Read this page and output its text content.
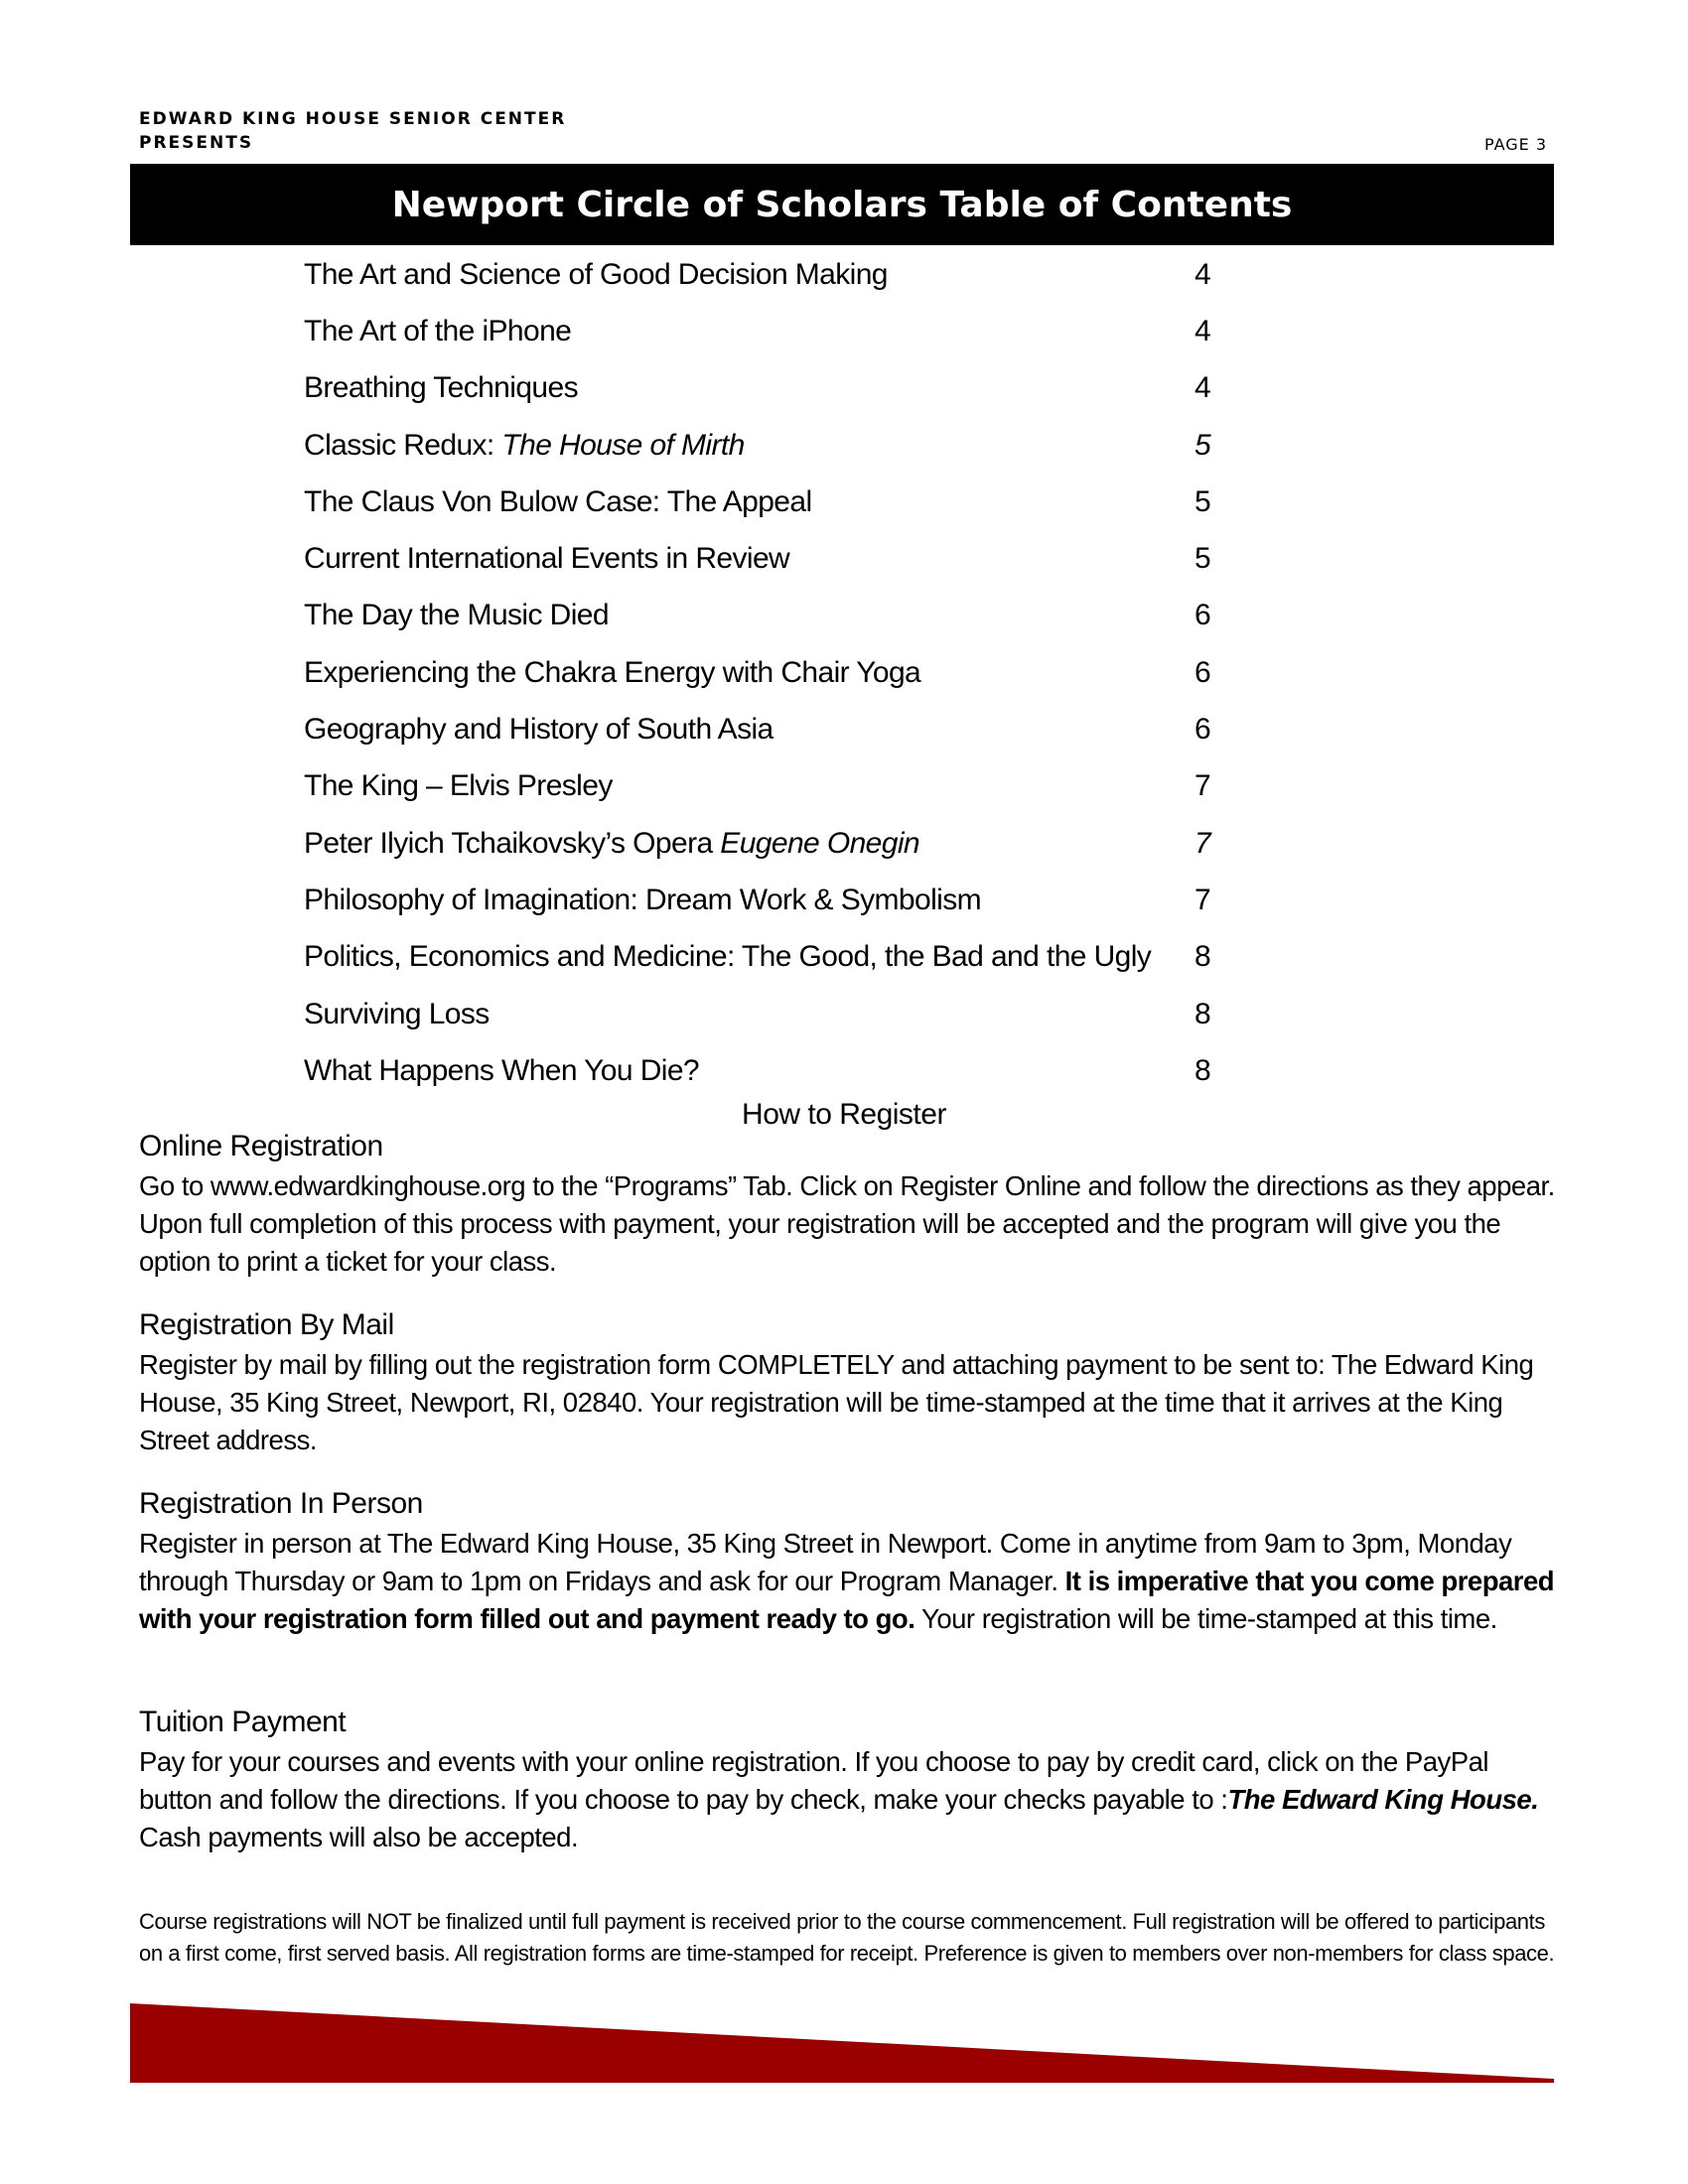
EDWARD KING HOUSE SENIOR CENTER
PRESENTS	PAGE 3
Newport Circle of Scholars Table of Contents
The Art and Science of Good Decision Making	4
The Art of the iPhone	4
Breathing Techniques	4
Classic Redux: The House of Mirth	5
The Claus Von Bulow Case: The Appeal	5
Current International Events in Review	5
The Day the Music Died	6
Experiencing the Chakra Energy with Chair Yoga	6
Geography and History of South Asia	6
The King – Elvis Presley	7
Peter Ilyich Tchaikovsky’s Opera Eugene Onegin	7
Philosophy of Imagination: Dream Work & Symbolism	7
Politics, Economics and Medicine: The Good, the Bad and the Ugly 8
Surviving Loss	8
What Happens When You Die?	8
How to Register
Online Registration

Go to www.edwardkinghouse.org to the “Programs” Tab. Click on Register Online and follow the directions as they appear. Upon full completion of this process with payment, your registration will be accepted and the program will give you the option to print a ticket for your class.

Registration By Mail

Register by mail by filling out the registration form COMPLETELY and attaching payment to be sent to: The Edward King House, 35 King Street, Newport, RI, 02840. Your registration will be time-stamped at the time that it arrives at the King Street address.

Registration In Person

Register in person at The Edward King House, 35 King Street in Newport. Come in anytime from 9am to 3pm, Monday through Thursday or 9am to 1pm on Fridays and ask for our Program Manager. It is imperative that you come prepared with your registration form filled out and payment ready to go. Your registration will be time-stamped at this time.

Tuition Payment

Pay for your courses and events with your online registration. If you choose to pay by credit card, click on the PayPal button and follow the directions. If you choose to pay by check, make your checks payable to :The Edward King House. Cash payments will also be accepted.

Course registrations will NOT be finalized until full payment is received prior to the course commencement. Full registration will be offered to participants on a first come, first served basis. All registration forms are time-stamped for receipt. Preference is given to members over non-members for class space.
